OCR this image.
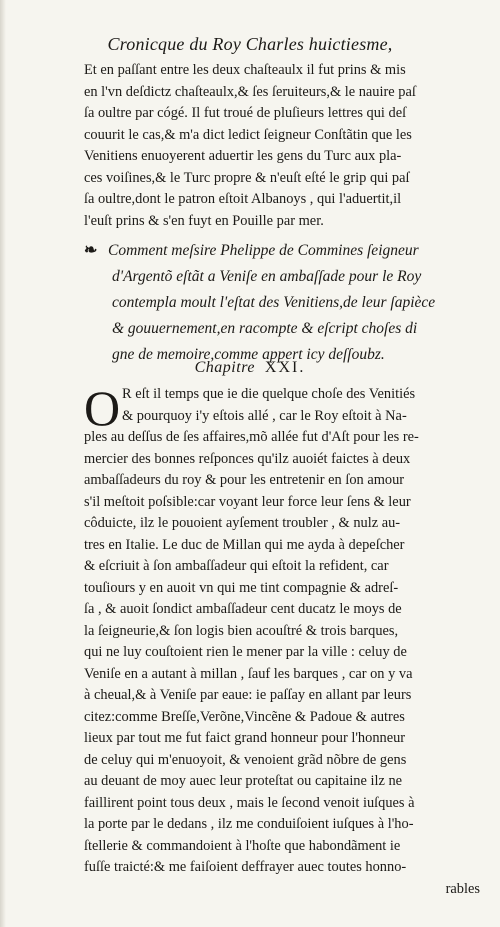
Cronicque du Roy Charles huictiesme,
Et en paſſant entre les deux chaſteaulx il fut prins & mis
en l'vn deſdictz chaſteaulx,& ſes ſeruiteurs,& le nauire paſ
ſa oultre par cógé. Il fut troué de pluſieurs lettres qui deſ
couurit le cas,& m'a dict ledict ſeigneur Conſtãtin que les
Venitiens enuoyerent aduertir les gens du Turc aux pla-
ces voiſines,& le Turc propre & n'euſt eſté le grip qui paſ
ſa oultre,dont le patron eſtoit Albanoys , qui l'aduertit,il
l'euſt prins & s'en fuyt en Pouille par mer.
❧ Comment meſsire Phelippe de Commines ſeigneur
d'Argentõ eſtãt a Veniſe en ambaſſade pour le Roy
contempla moult l'eſtat des Venitiens,de leur ſapièce
& gouuernement,en racompte & eſcript choſes di
gne de memoire,comme appert icy deſſoubz.
Chapitre XXI.
O R eſt il temps que ie die quelque choſe des Venitiés
& pourquoy i'y eſtois allé , car le Roy eſtoit à Na-
ples au deſſus de ſes affaires,mõ allée fut d'Aſt pour les re-
mercier des bonnes reſponces qu'ilz auoiét faictes à deux
ambaſſadeurs du roy & pour les entretenir en ſon amour
s'il meſtoit poſsible:car voyant leur force leur ſens & leur
côduicte, ilz le pouoient ayſement troubler , & nulz au-
tres en Italie. Le duc de Millan qui me ayda à depeſcher
& eſcriuit à ſon ambaſſadeur qui eſtoit la refident, car
touſiours y en auoit vn qui me tint compagnie & adreſ-
ſa , & auoit ſondict ambaſſadeur cent ducatz le moys de
la ſeigneurie,& ſon logis bien acouſtré & trois barques,
qui ne luy couſtoient rien le mener par la ville : celuy de
Veniſe en a autant à millan , ſauf les barques , car on y va
à cheual,& à Veniſe par eaue: ie paſſay en allant par leurs
citez:comme Breſſe,Verõne,Vincẽne & Padoue & autres
lieux par tout me fut faict grand honneur pour l'honneur
de celuy qui m'enuoyoit, & venoient grãd nõbre de gens
au deuant de moy auec leur proteſtat ou capitaine ilz ne
faillirent point tous deux , mais le ſecond venoit iuſques à
la porte par le dedans , ilz me conduiſoient iuſques à l'ho-
ſtellerie & commandoient à l'hoſte que habondãment ie
fuſſe traicté:& me faiſoient deffrayer auec toutes honno-
rables
